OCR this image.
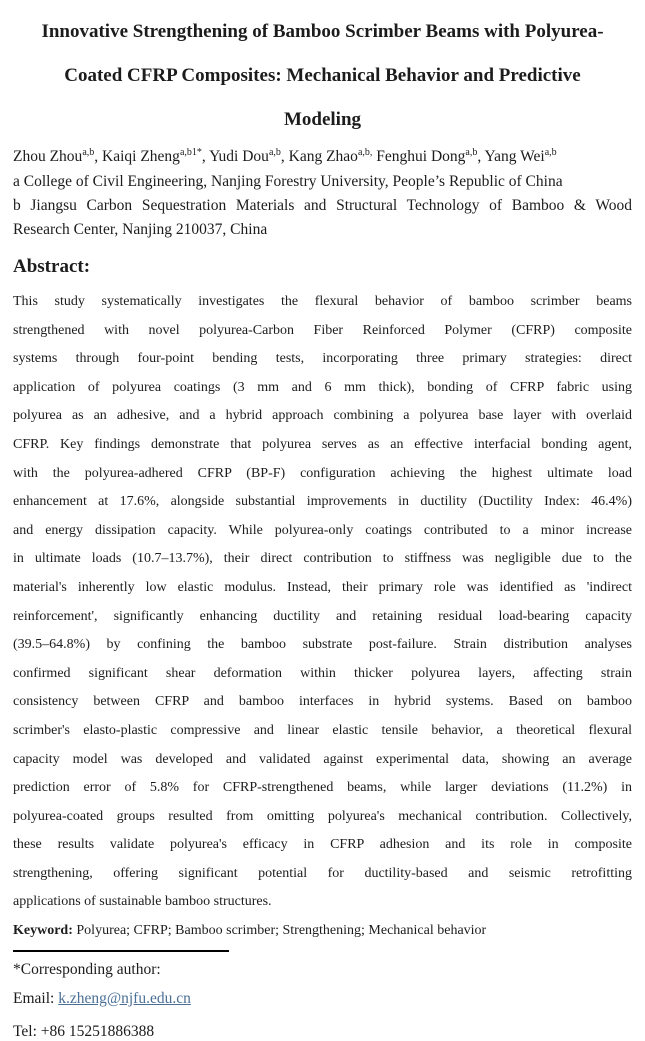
Innovative Strengthening of Bamboo Scrimber Beams with Polyurea-
Coated CFRP Composites: Mechanical Behavior and Predictive
Modeling
Zhou Zhou$^{a,b}$, Kaiqi Zheng$^{a,b1*}$, Yudi Dou$^{a,b}$, Kang Zhao$^{a,b,}$ Fenghui Dong$^{a,b}$, Yang Wei$^{a,b}$
a College of Civil Engineering, Nanjing Forestry University, People’s Republic of China
b Jiangsu Carbon Sequestration Materials and Structural Technology of Bamboo & Wood
Research Center, Nanjing 210037, China
Abstract:
This study systematically investigates the flexural behavior of bamboo scrimber beams
strengthened with novel polyurea-Carbon Fiber Reinforced Polymer (CFRP) composite
systems through four-point bending tests, incorporating three primary strategies: direct
application of polyurea coatings (3 mm and 6 mm thick), bonding of CFRP fabric using
polyurea as an adhesive, and a hybrid approach combining a polyurea base layer with overlaid
CFRP. Key findings demonstrate that polyurea serves as an effective interfacial bonding agent,
with the polyurea-adhered CFRP (BP-F) configuration achieving the highest ultimate load
enhancement at 17.6%, alongside substantial improvements in ductility (Ductility Index: 46.4%)
and energy dissipation capacity. While polyurea-only coatings contributed to a minor increase
in ultimate loads (10.7–13.7%), their direct contribution to stiffness was negligible due to the
material's inherently low elastic modulus. Instead, their primary role was identified as 'indirect
reinforcement', significantly enhancing ductility and retaining residual load-bearing capacity
(39.5–64.8%) by confining the bamboo substrate post-failure. Strain distribution analyses
confirmed significant shear deformation within thicker polyurea layers, affecting strain
consistency between CFRP and bamboo interfaces in hybrid systems. Based on bamboo
scrimber's elasto-plastic compressive and linear elastic tensile behavior, a theoretical flexural
capacity model was developed and validated against experimental data, showing an average
prediction error of 5.8% for CFRP-strengthened beams, while larger deviations (11.2%) in
polyurea-coated groups resulted from omitting polyurea's mechanical contribution. Collectively,
these results validate polyurea's efficacy in CFRP adhesion and its role in composite
strengthening, offering significant potential for ductility-based and seismic retrofitting
applications of sustainable bamboo structures.
Keyword: Polyurea; CFRP; Bamboo scrimber; Strengthening; Mechanical behavior
*Corresponding author:
Email: k.zheng@njfu.edu.cn
Tel: +86 15251886388
